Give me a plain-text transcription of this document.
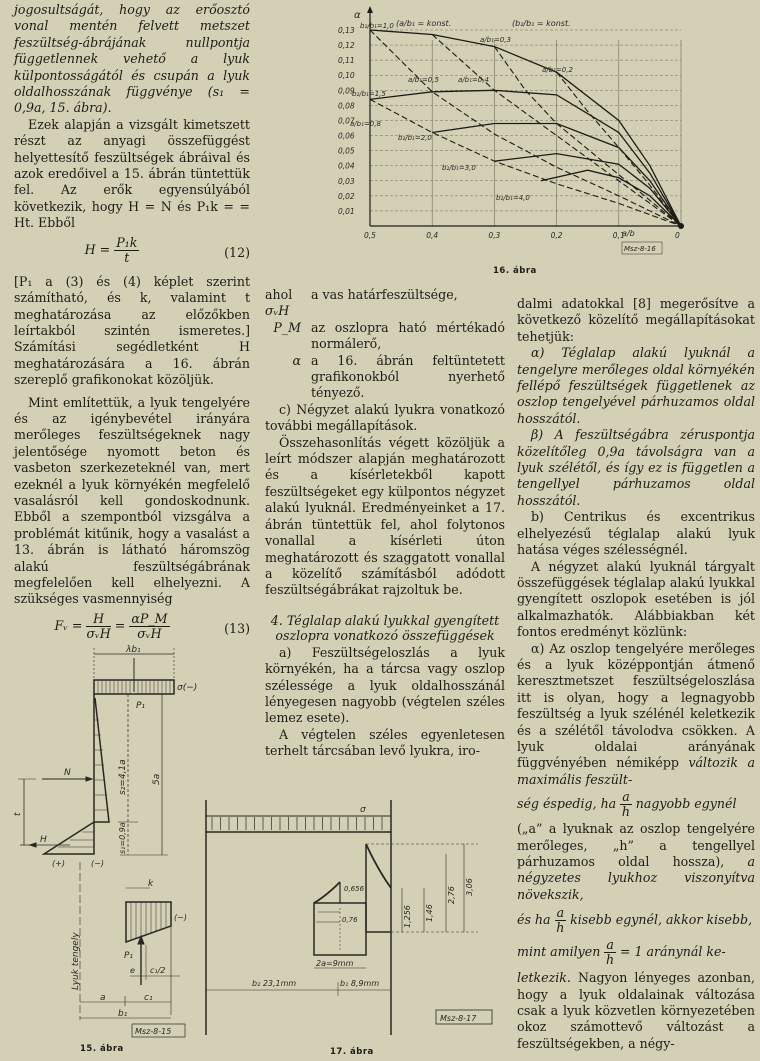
jogosultságát, hogy az erőosztó vonal mentén felvett metszet feszültség-ábrájának nullpontja függetlennek vehető a lyuk külpontosságától és csupán a lyuk oldalhosszának függvénye (s₁ = 0,9a, 15. ábra).

Ezek alapján a vizsgált kimetszett részt az anyagi összefüggést helyettesítő feszültségek ábráival és azok eredőivel a 15. ábrán tüntettük fel. Az erők egyensúlyából következik, hogy H = N és P₁k = = Ht. Ebből

$H = \frac{\text{P₁k}}{t}$	(12)

[P₁ a (3) és (4) képlet szerint számítható, és k, valamint t meghatározása az előzőkben leírtakból szintén ismeretes.] Számítási segédletként H meghatározására a 16. ábrán szereplő grafikonokat közöljük.

Mint említettük, a lyuk tengelyére és az igénybevétel irányára merőleges feszültségeknek nagy jelentősége nyomott beton és vasbeton szerkezeteknél van, mert ezeknél a lyuk környékén megfelelő vasalásról kell gondoskodnunk. Ebből a szempontból vizsgálva a problémát kitűnik, hogy a vasalást a 13. ábrán is látható háromszög alakú feszültségábrának megfelelően kell elhelyezni. A szükséges vasmennyiség

Fᵥ = $\frac{H}{\text{σᵥH}} = \frac{\alpha P\_M}{\text{σᵥH}}$	(13)
λb₁
σ(−)
P₁
s₂=4,1a	5a
N
t
H	s₁=0,9a
(+)	(−)
k
(−)
P₁
e c₁/2
Lyuk tengely
a	c₁
b₁
Msz-8-15
15. ábra
0,13
0,12
0,11
0,10
0,09
0,08
0,07
0,06
0,05
0,04
0,03
0,02
0,01
0,5	0,4	0,3	0,2	0,1	0
α
a/b
(a/b₁ = konst.	(b₂/b₁ = konst.
b₂/b₁=1,0
b₂/b₁=1,5
b₂/b₁=2,0
b₂/b₁=3,0
b₂/b₁=4,0
a/b₁=0,8
a/b₁=0,5	a/b₁=0,4
a/b₁=0,3
a/b₁=0,2
Msz-8-16
16. ábra
ahol σᵥH
a vas határfeszültsége,
P_M az oszlopra ható mértékadó normálerő,
α a 16. ábrán feltüntetett grafikonokból nyerhető tényező.

c) Négyzet alakú lyukra vonatkozó további megállapítások.

Összehasonlítás végett közöljük a leírt módszer alapján meghatározott és a kísérletekből kapott feszültségeket egy külpontos négyzet alakú lyuknál. Eredményeinket a 17. ábrán tüntettük fel, ahol folytonos vonallal a kísérleti úton meghatározott és szaggatott vonallal a közelítő számításból adódott feszültségábrákat rajzoltuk be.

4. Téglalap alakú lyukkal gyengített oszlopra vonatkozó összefüggések

a) Feszültségeloszlás a lyuk környékén, ha a tárcsa vagy oszlop szélessége a lyuk oldalhosszánál lényegesen nagyobb (végtelen széles lemez esete).

A végtelen széles egyenletesen terhelt tárcsában levő lyukra, iro-

σ
0,656
0,76	1,256 1,46
2,76 3,06
2a=9mm
b₂ 23,1mm	b₁ 8,9mm
Msz-8-17
17. ábra

dalmi adatokkal [8] megerősítve a következő közelítő megállapításokat tehetjük:

α) Téglalap alakú lyuknál a tengelyre merőleges oldal környékén fellépő feszültségek függetlenek az oszlop tengelyével párhuzamos oldal hosszától.

β) A feszültségábra zéruspontja közelítőleg 0,9a távolságra van a lyuk szélétől, és így ez is független a tengellyel párhuzamos oldal hosszától.

b) Centrikus és excentrikus elhelyezésű téglalap alakú lyuk hatása véges szélességnél.

A négyzet alakú lyuknál tárgyalt összefüggések téglalap alakú lyukkal gyengített oszlopok esetében is jól alkalmazhatók. Alábbiakban két fontos eredményt közlünk:

α) Az oszlop tengelyére merőleges és a lyuk középpontján átmenő keresztmetszet feszültségeloszlása itt is olyan, hogy a legnagyobb feszültség a lyuk szélénél keletkezik és a szélétől távolodva csökken. A lyuk oldalai arányának függvényében némiképp változik a maximális feszült-

ség éspedig, ha $\frac{a}{h}$ nagyobb egynél

(„a” a lyuknak az oszlop tengelyére merőleges, „h” a tengellyel párhuzamos oldal hossza), a négyzetes lyukhoz viszonyítva növekszik,

és ha $\frac{a}{h}$ kisebb egynél, akkor kisebb,

mint amilyen $\frac{a}{h} = 1$ aránynál ke-

letkezik. Nagyon lényeges azonban, hogy a lyuk oldalainak változása csak a lyuk közvetlen környezetében okoz számottevő változást a feszültségekben, a négy-
